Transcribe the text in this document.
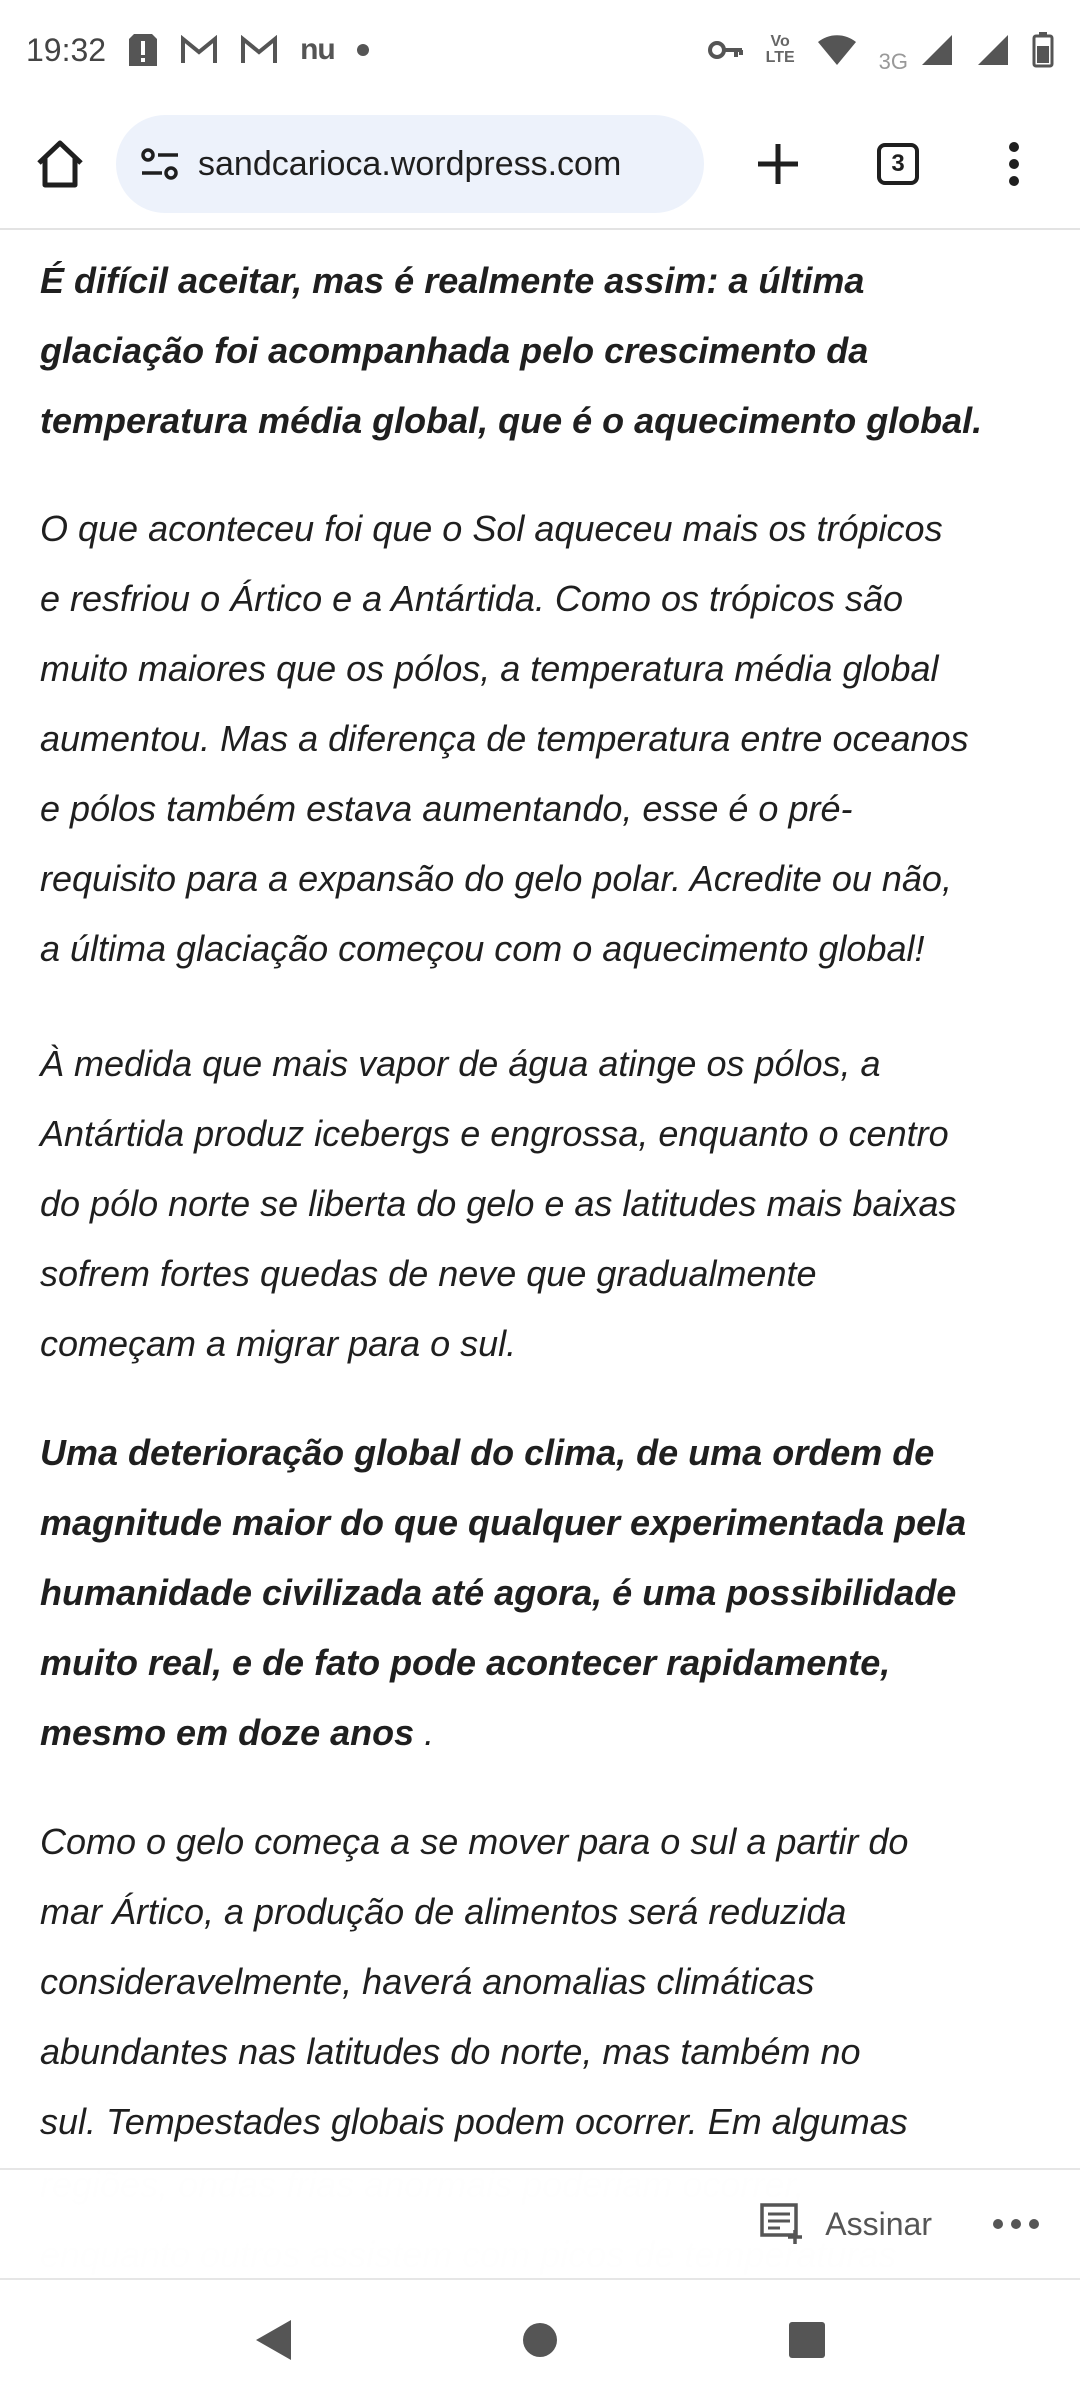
19:32	nu	Vo
LTE	3G
sandcarioca.wordpress.com	3

É difícil aceitar, mas é realmente assim: a última
glaciação foi acompanhada pelo crescimento da
temperatura média global, que é o aquecimento global.

O que aconteceu foi que o Sol aqueceu mais os trópicos
e resfriou o Ártico e a Antártida. Como os trópicos são
muito maiores que os pólos, a temperatura média global
aumentou. Mas a diferença de temperatura entre oceanos
e pólos também estava aumentando, esse é o pré-
requisito para a expansão do gelo polar. Acredite ou não,
a última glaciação começou com o aquecimento global!

À medida que mais vapor de água atinge os pólos, a
Antártida produz icebergs e engrossa, enquanto o centro
do pólo norte se liberta do gelo e as latitudes mais baixas
sofrem fortes quedas de neve que gradualmente
começam a migrar para o sul.

Uma deterioração global do clima, de uma ordem de
magnitude maior do que qualquer experimentada pela
humanidade civilizada até agora, é uma possibilidade
muito real, e de fato pode acontecer rapidamente,
mesmo em doze anos .

Como o gelo começa a se mover para o sul a partir do
mar Ártico, a produção de alimentos será reduzida
consideravelmente, haverá anomalias climáticas
abundantes nas latitudes do norte, mas também no
sul. Tempestades globais podem ocorrer. Em algumas

Assinar
